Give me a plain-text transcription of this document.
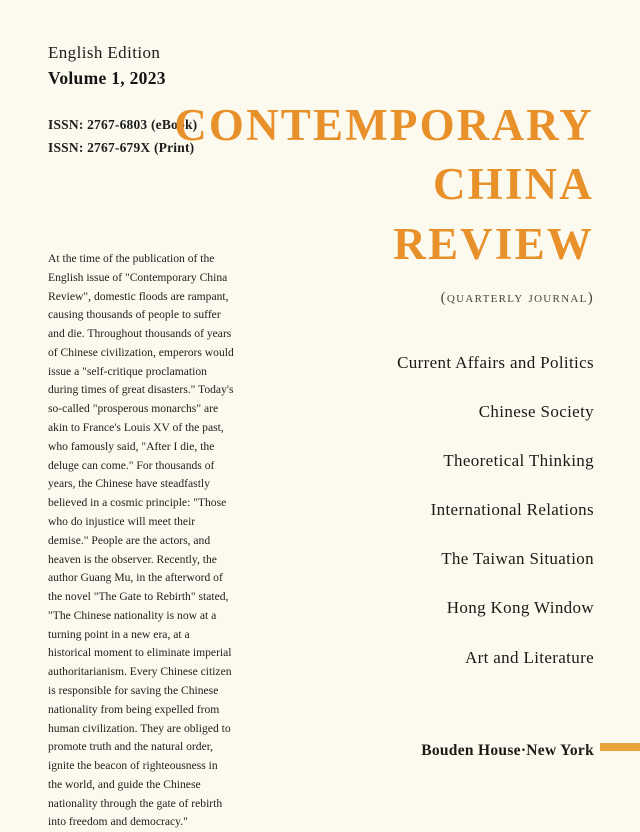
English Edition
Volume 1, 2023
ISSN: 2767-6803 (eBook)
ISSN: 2767-679X (Print)
CONTEMPORARY
CHINA
REVIEW
(quarterly journal)
At the time of the publication of the English issue of "Contemporary China Review", domestic floods are rampant, causing thousands of people to suffer and die. Throughout thousands of years of Chinese civilization, emperors would issue a "self-critique proclamation during times of great disasters." Today's so-called "prosperous monarchs" are akin to France's Louis XV of the past, who famously said, "After I die, the deluge can come." For thousands of years, the Chinese have steadfastly believed in a cosmic principle: "Those who do injustice will meet their demise." People are the actors, and heaven is the observer. Recently, the author Guang Mu, in the afterword of the novel "The Gate to Rebirth" stated, "The Chinese nationality is now at a turning point in a new era, at a historical moment to eliminate imperial authoritarianism. Every Chinese citizen is responsible for saving the Chinese nationality from being expelled from human civilization. They are obliged to promote truth and the natural order, ignite the beacon of righteousness in the world, and guide the Chinese nationality through the gate of rebirth into freedom and democracy."
Current Affairs and Politics
Chinese Society
Theoretical Thinking
International Relations
The Taiwan Situation
Hong Kong Window
Art and Literature
Bouden House·New York
